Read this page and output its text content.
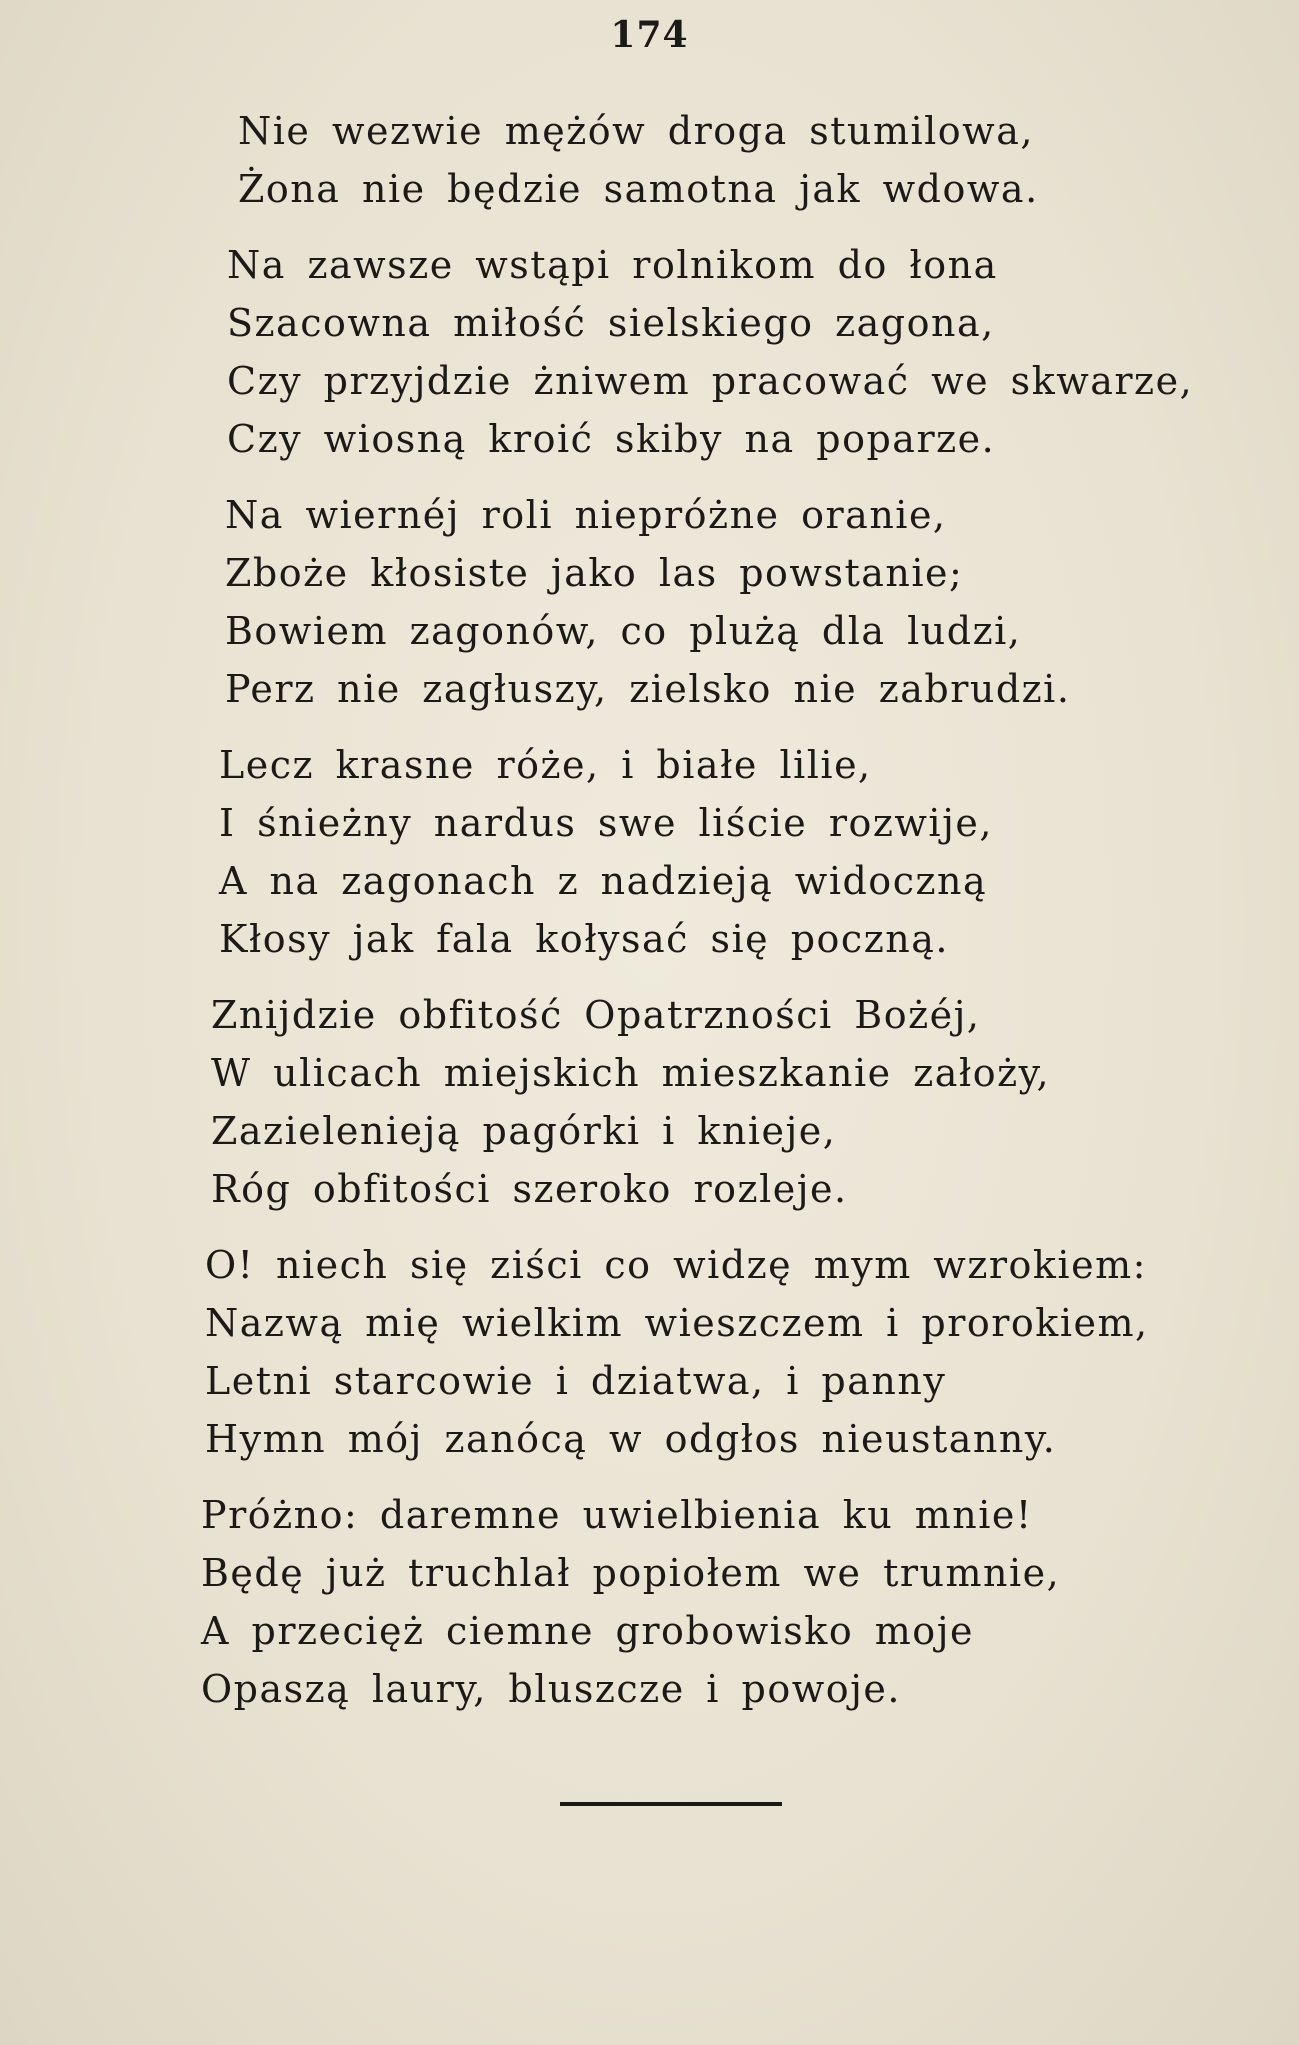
174
Nie wezwie mężów droga stumilowa,
Żona nie będzie samotna jak wdowa.
Na zawsze wstąpi rolnikom do łona
Szacowna miłość sielskiego zagona,
Czy przyjdzie żniwem pracować we skwarze,
Czy wiosną kroić skiby na poparze.
Na wiernéj roli niepróżne oranie,
Zboże kłosiste jako las powstanie;
Bowiem zagonów, co plużą dla ludzi,
Perz nie zagłuszy, zielsko nie zabrudzi.
Lecz krasne róże, i białe lilie,
I śnieżny nardus swe liście rozwije,
A na zagonach z nadzieją widoczną
Kłosy jak fala kołysać się poczną.
Znijdzie obfitość Opatrzności Bożéj,
W ulicach miejskich mieszkanie założy,
Zazielenieją pagórki i knieje,
Róg obfitości szeroko rozleje.
O! niech się ziści co widzę mym wzrokiem:
Nazwą mię wielkim wieszczem i prorokiem,
Letni starcowie i dziatwa, i panny
Hymn mój zanócą w odgłos nieustanny.
Próżno: daremne uwielbienia ku mnie!
Będę już truchlał popiołem we trumnie,
A przecięż ciemne grobowisko moje
Opaszą laury, bluszcze i powoje.
